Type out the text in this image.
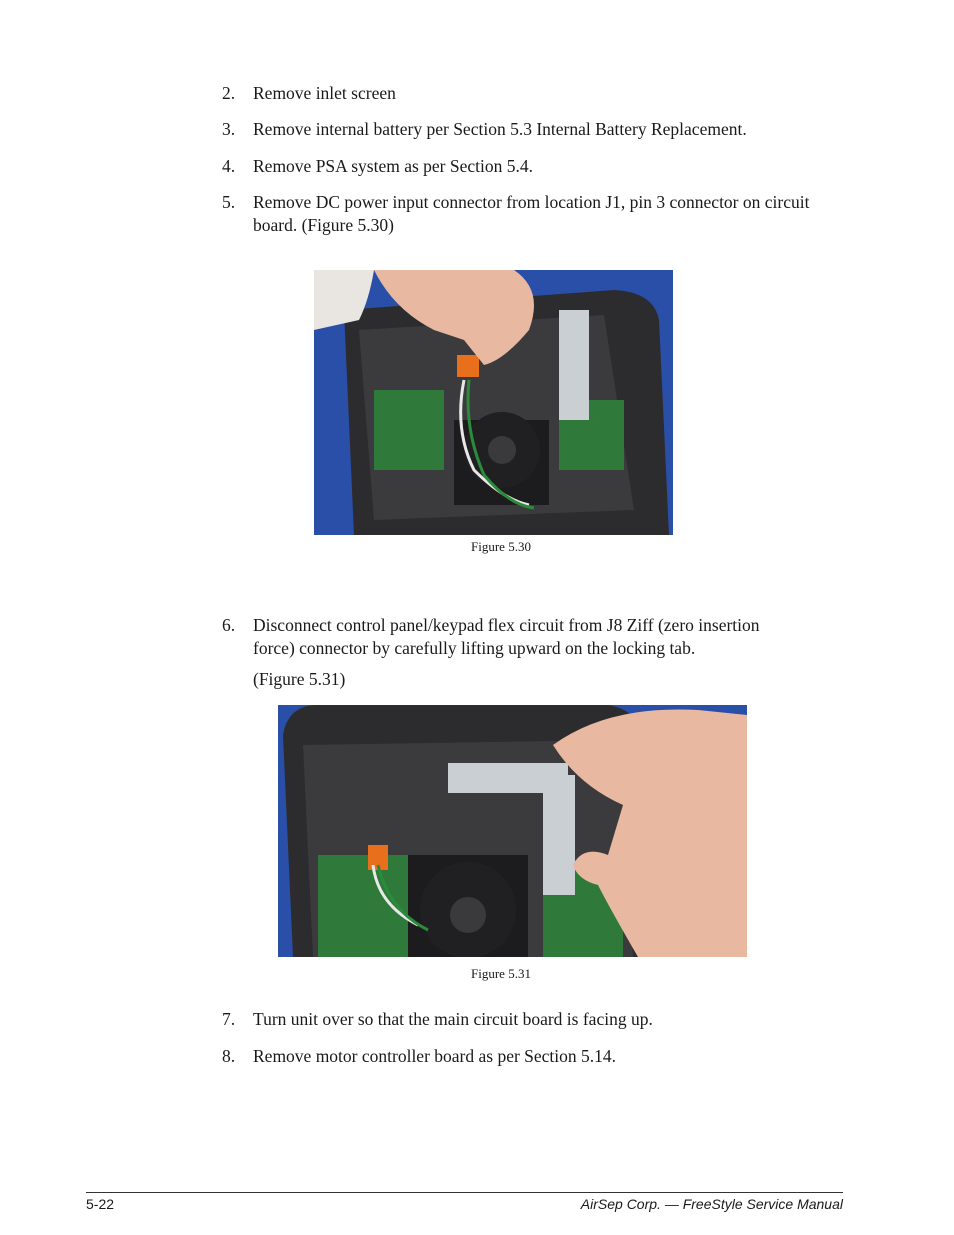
2.	Remove inlet screen
3.	Remove internal battery per Section 5.3 Internal Battery Replacement.
4.	Remove PSA system as per Section 5.4.
5.	Remove DC power input connector from location J1, pin 3 connector on circuit board. (Figure 5.30)
Figure 5.30
6.	Disconnect control panel/keypad flex circuit from J8 Ziff (zero insertion force) connector by carefully lifting upward on the locking tab.
(Figure 5.31)
Figure 5.31
7.	Turn unit over so that the main circuit board is facing up.
8.	Remove motor controller board as per Section 5.14.
5-22	AirSep Corp. — FreeStyle Service Manual
